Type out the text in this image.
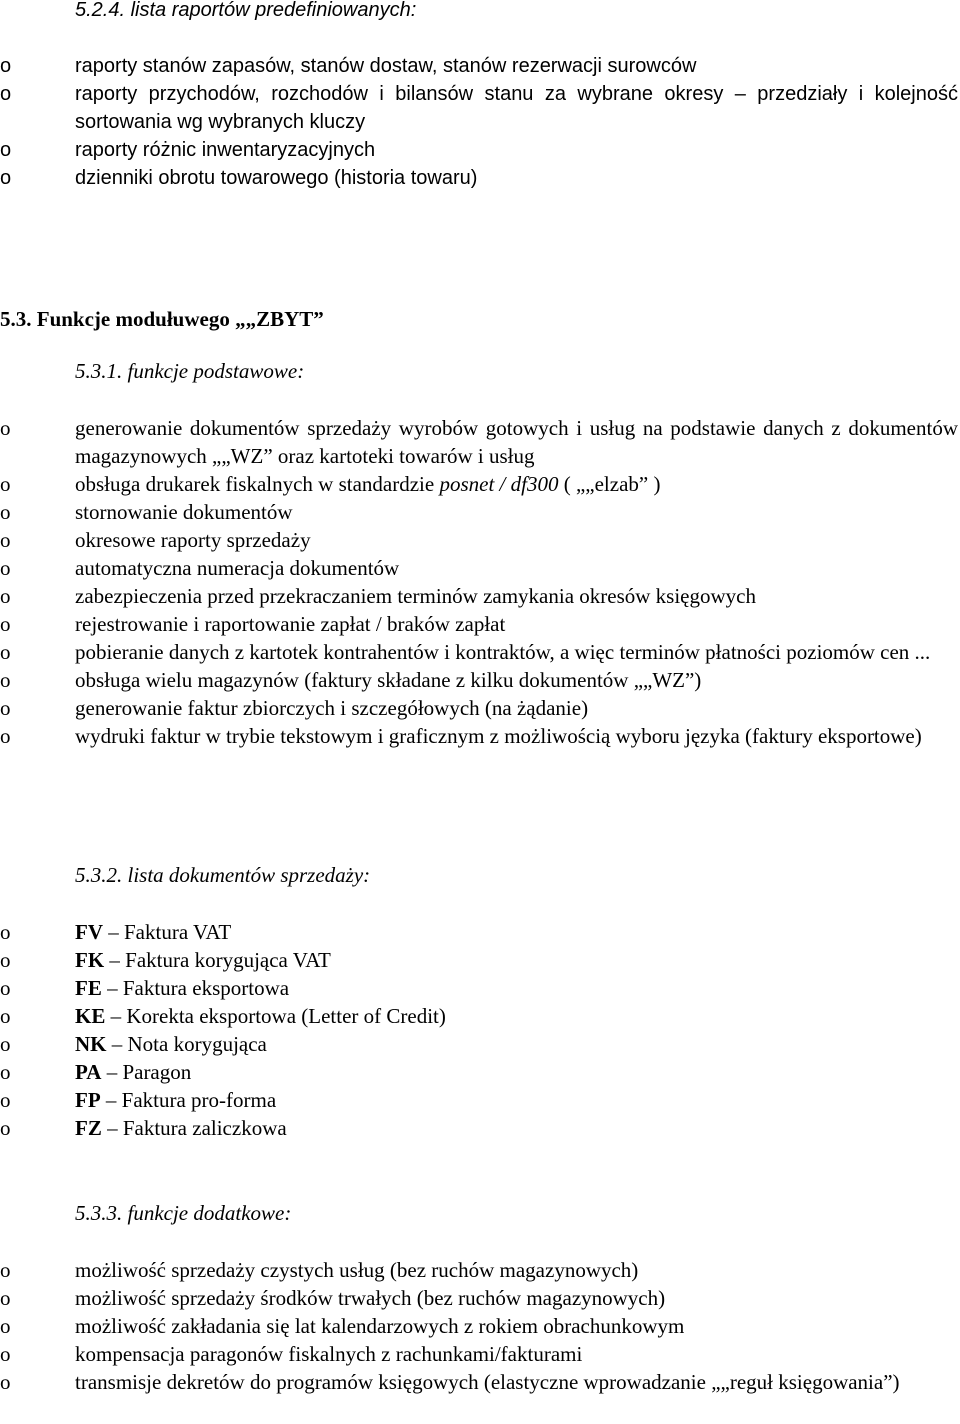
5.2.4. lista raportów predefiniowanych:
o	raporty stanów zapasów, stanów dostaw, stanów rezerwacji surowców
o	raporty przychodów, rozchodów i bilansów stanu za wybrane okresy – przedziały i kolejność sortowania wg wybranych kluczy
o	raporty różnic inwentaryzacyjnych
o	dzienniki obrotu towarowego (historia towaru)
5.3. Funkcje modułuwego „„ZBYT”
5.3.1. funkcje podstawowe:
o	generowanie dokumentów sprzedaży wyrobów gotowych i usług na podstawie danych z dokumentów magazynowych „„WZ” oraz kartoteki towarów i usług
o	obsługa drukarek fiskalnych w standardzie posnet / df300 ( „„elzab” )
o	stornowanie dokumentów
o	okresowe raporty sprzedaży
o	automatyczna numeracja dokumentów
o	zabezpieczenia przed przekraczaniem terminów zamykania okresów księgowych
o	rejestrowanie i raportowanie zapłat / braków zapłat
o	pobieranie danych z kartotek kontrahentów i kontraktów, a więc terminów płatności poziomów cen ...
o	obsługa wielu magazynów (faktury składane z kilku dokumentów „„WZ”)
o	generowanie faktur zbiorczych i szczegółowych (na żądanie)
o	wydruki faktur w trybie tekstowym i graficznym z możliwością wyboru języka (faktury eksportowe)
5.3.2. lista dokumentów sprzedaży:
o	FV – Faktura VAT
o	FK – Faktura korygująca VAT
o	FE – Faktura eksportowa
o	KE – Korekta eksportowa (Letter of Credit)
o	NK – Nota korygująca
o	PA – Paragon
o	FP – Faktura pro-forma
o	FZ – Faktura zaliczkowa
5.3.3. funkcje dodatkowe:
o	możliwość sprzedaży czystych usług (bez ruchów magazynowych)
o	możliwość sprzedaży środków trwałych (bez ruchów magazynowych)
o	możliwość zakładania się lat kalendarzowych z rokiem obrachunkowym
o	kompensacja paragonów fiskalnych z rachunkami/fakturami
o	transmisje dekretów do programów księgowych (elastyczne wprowadzanie „„reguł księgowania”)
